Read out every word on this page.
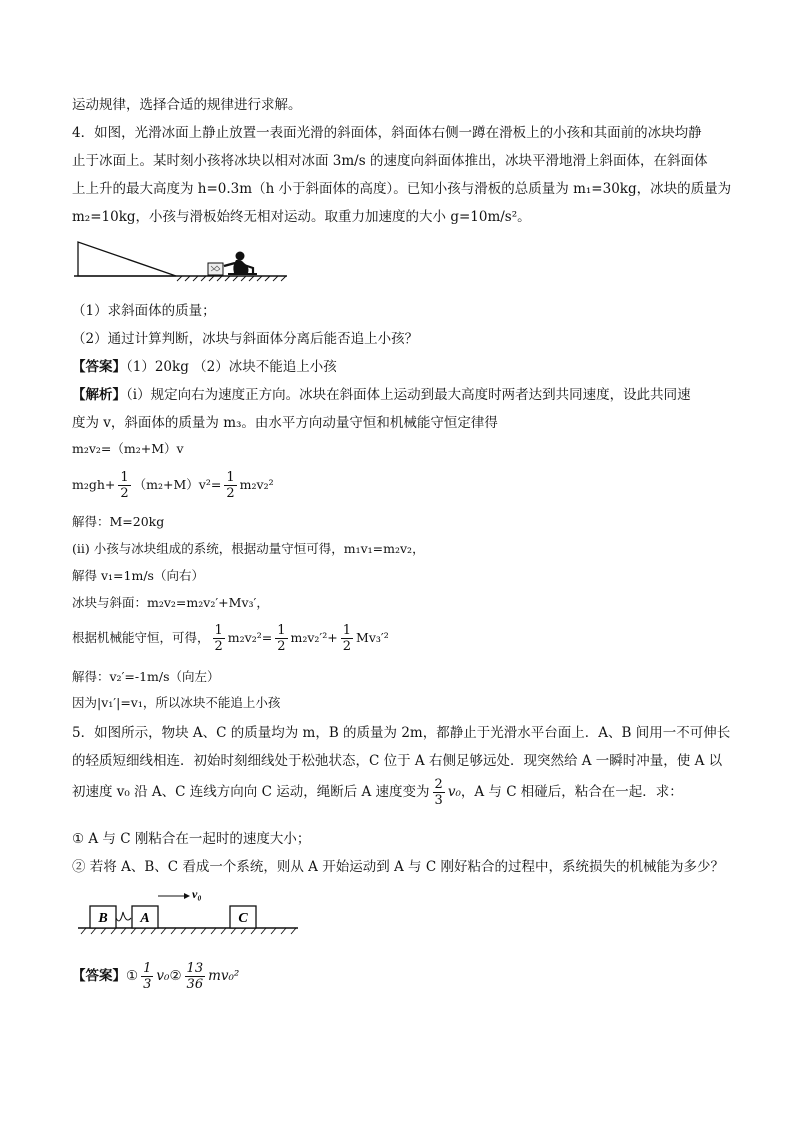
运动规律，选择合适的规律进行求解。
4．如图，光滑冰面上静止放置一表面光滑的斜面体，斜面体右侧一蹲在滑板上的小孩和其面前的冰块均静
止于冰面上。某时刻小孩将冰块以相对冰面 3m/s 的速度向斜面体推出，冰块平滑地滑上斜面体，在斜面体
上上升的最大高度为 h=0.3m（h 小于斜面体的高度）。已知小孩与滑板的总质量为 m₁=30kg，冰块的质量为
m₂=10kg，小孩与滑板始终无相对运动。取重力加速度的大小 g=10m/s²。
（1）求斜面体的质量；
（2）通过计算判断，冰块与斜面体分离后能否追上小孩？
【答案】（1）20kg （2）冰块不能追上小孩
【解析】（i）规定向右为速度正方向。冰块在斜面体上运动到最大高度时两者达到共同速度，设此共同速
度为 v，斜面体的质量为 m₃。由水平方向动量守恒和机械能守恒定律得
m₂v₂=（m₂+M）v
$m_2gh+ \frac{1}{2} (m_2+M)v^2= \frac{1}{2} m_2v_2^2$
解得：M=20kg
(ii) 小孩与冰块组成的系统，根据动量守恒可得，m₁v₁=m₂v₂，
解得 v₁=1m/s（向右）
冰块与斜面：m₂v₂=m₂v₂′+Mv₃′，
根据机械能守恒，可得， $\frac{1}{2} m_2v_2^2= \frac{1}{2} m_2v_2'^2+ \frac{1}{2} Mv_3'^2$
解得：v₂′=-1m/s（向左）
因为|v₁′|=v₁，所以冰块不能追上小孩
5．如图所示，物块 A、C 的质量均为 m，B 的质量为 2m，都静止于光滑水平台面上．A、B 间用一不可伸长
的轻质短细线相连．初始时刻细线处于松弛状态，C 位于 A 右侧足够远处．现突然给 A 一瞬时冲量，使 A 以
初速度 v₀ 沿 A、C 连线方向向 C 运动，绳断后 A 速度变为 $\frac{2}{3} v_0$，A 与 C 相碰后，粘合在一起．求：
① A 与 C 刚粘合在一起时的速度大小；
② 若将 A、B、C 看成一个系统，则从 A 开始运动到 A 与 C 刚好粘合的过程中，系统损失的机械能为多少？
B A
v₀
C
【答案】① $\frac{1}{3}$ v₀② $\frac{13}{36} mv_0^2$
